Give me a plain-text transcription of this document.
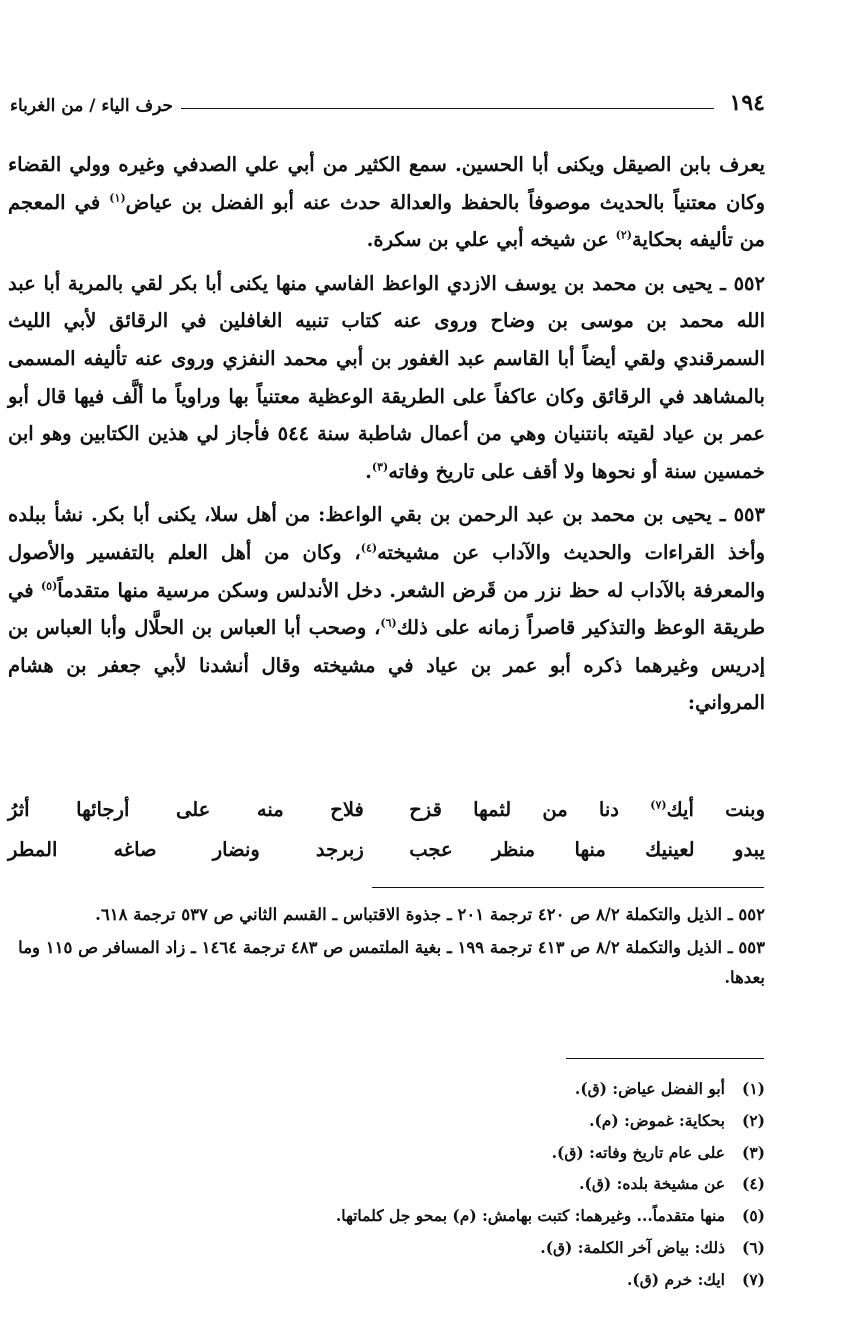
١٩٤
حرف الياء / من الغرباء

يعرف بابن الصيقل ويكنى أبا الحسين. سمع الكثير من أبي علي الصدفي وغيره وولي القضاء وكان معتنياً بالحديث موصوفاً بالحفظ والعدالة حدث عنه أبو الفضل بن عياض$^{(١)}$ في المعجم من تأليفه بحكاية$^{(٢)}$ عن شيخه أبي علي بن سكرة.

٥٥٢ ـ يحيى بن محمد بن يوسف الازدي الواعظ الفاسي منها يكنى أبا بكر لقي بالمرية أبا عبد الله محمد بن موسى بن وضاح وروى عنه كتاب تنبيه الغافلين في الرقائق لأبي الليث السمرقندي ولقي أيضاً أبا القاسم عبد الغفور بن أبي محمد النفزي وروى عنه تأليفه المسمى بالمشاهد في الرقائق وكان عاكفاً على الطريقة الوعظية معتنياً بها وراوياً ما ألَّف فيها قال أبو عمر بن عياد لقيته بانتنيان وهي من أعمال شاطبة سنة ٥٤٤ فأجاز لي هذين الكتابين وهو ابن خمسين سنة أو نحوها ولا أقف على تاريخ وفاته$^{(٣)}$.

٥٥٣ ـ يحيى بن محمد بن عبد الرحمن بن بقي الواعظ: من أهل سلا، يكنى أبا بكر. نشأ ببلده وأخذ القراءات والحديث والآداب عن مشيخته$^{(٤)}$، وكان من أهل العلم بالتفسير والأصول والمعرفة بالآداب له حظ نزر من قَرض الشعر. دخل الأندلس وسكن مرسية منها متقدماً$^{(٥)}$ في طريقة الوعظ والتذكير قاصراً زمانه على ذلك$^{(٦)}$، وصحب أبا العباس بن الحلَّال وأبا العباس بن إدريس وغيرهما ذكره أبو عمر بن عياد في مشيخته وقال أنشدنا لأبي جعفر بن هشام المرواني:

وبنت أيك$^{(٧)}$ دنا من لثمها قزح
فلاح منه على أرجائها أثرُ
يبدو لعينيك منها منظر عجب
زبرجد ونضار صاغه المطر

٥٥٢ ـ الذيل والتكملة ٨/٢ ص ٤٢٠ ترجمة ٢٠١ ـ جذوة الاقتباس ـ القسم الثاني ص ٥٣٧ ترجمة ٦١٨.

٥٥٣ ـ الذيل والتكملة ٨/٢ ص ٤١٣ ترجمة ١٩٩ ـ بغية الملتمس ص ٤٨٣ ترجمة ١٤٦٤ ـ زاد المسافر ص ١١٥ وما بعدها.

(١)
أبو الفضل عياض: (ق).
(٢)
بحكاية: غموض: (م).
(٣)
على عام تاريخ وفاته: (ق).
(٤)
عن مشيخة بلده: (ق).
(٥)
منها متقدماً... وغيرهما: كتبت بهامش: (م) بمحو جل كلماتها.
(٦)
ذلك: بياض آخر الكلمة: (ق).
(٧)
ايك: خرم (ق).
